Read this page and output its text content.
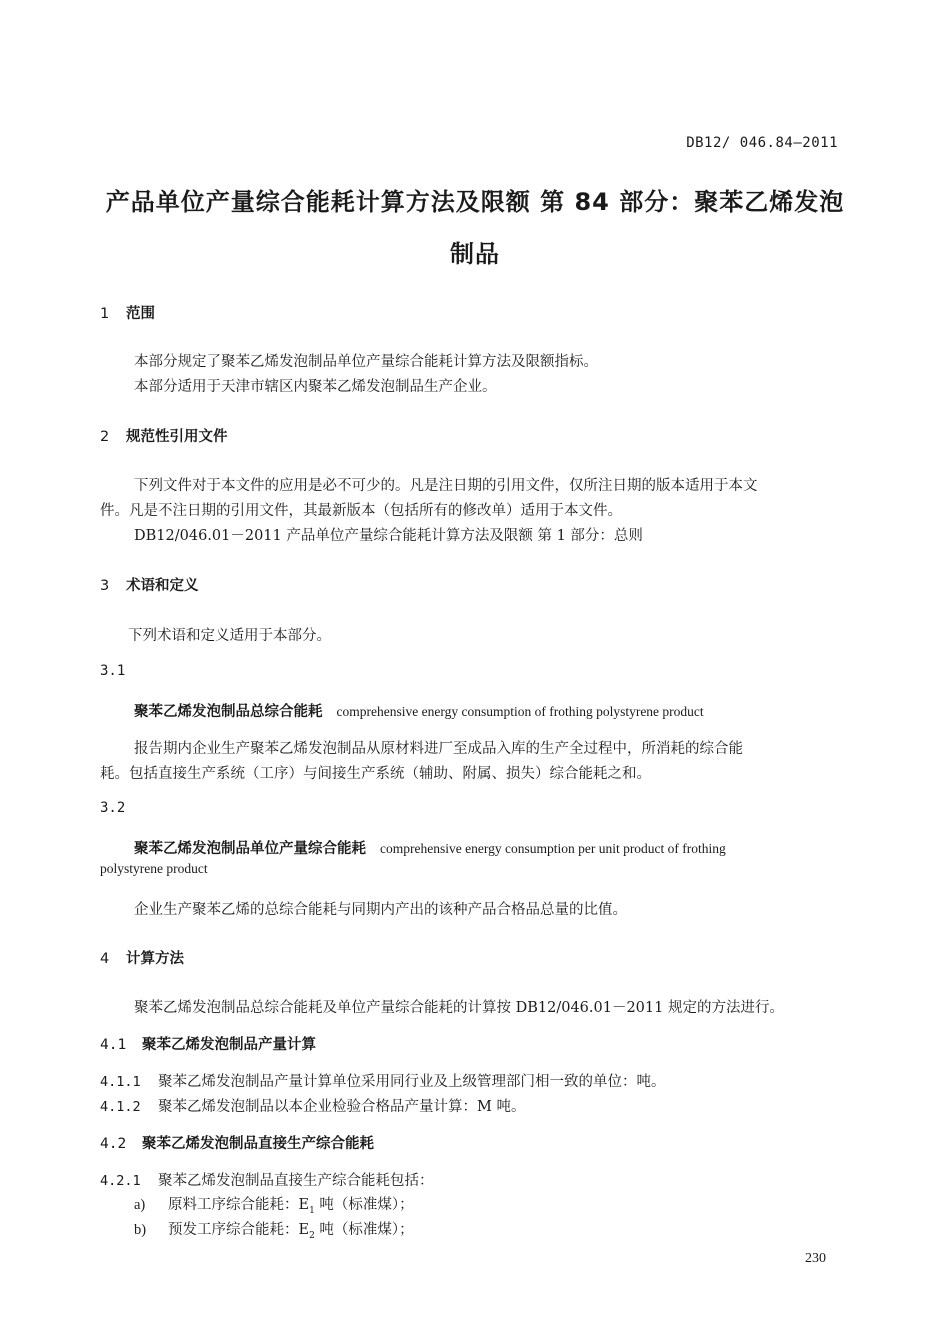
DB12/ 046.84—2011
产品单位产量综合能耗计算方法及限额 第 84 部分：聚苯乙烯发泡
制品
1 范围
本部分规定了聚苯乙烯发泡制品单位产量综合能耗计算方法及限额指标。
本部分适用于天津市辖区内聚苯乙烯发泡制品生产企业。
2 规范性引用文件
下列文件对于本文件的应用是必不可少的。凡是注日期的引用文件，仅所注日期的版本适用于本文
件。凡是不注日期的引用文件，其最新版本（包括所有的修改单）适用于本文件。
DB12/046.01－2011 产品单位产量综合能耗计算方法及限额 第 1 部分：总则
3 术语和定义
下列术语和定义适用于本部分。
3.1
聚苯乙烯发泡制品总综合能耗 comprehensive energy consumption of frothing polystyrene product
报告期内企业生产聚苯乙烯发泡制品从原材料进厂至成品入库的生产全过程中，所消耗的综合能
耗。包括直接生产系统（工序）与间接生产系统（辅助、附属、损失）综合能耗之和。
3.2
聚苯乙烯发泡制品单位产量综合能耗 comprehensive energy consumption per unit product of frothing
polystyrene product
企业生产聚苯乙烯的总综合能耗与同期内产出的该种产品合格品总量的比值。
4 计算方法
聚苯乙烯发泡制品总综合能耗及单位产量综合能耗的计算按 DB12/046.01－2011 规定的方法进行。
4.1 聚苯乙烯发泡制品产量计算
4.1.1 聚苯乙烯发泡制品产量计算单位采用同行业及上级管理部门相一致的单位：吨。
4.1.2 聚苯乙烯发泡制品以本企业检验合格品产量计算：M 吨。
4.2 聚苯乙烯发泡制品直接生产综合能耗
4.2.1 聚苯乙烯发泡制品直接生产综合能耗包括：
a) 原料工序综合能耗：$E_1$ 吨（标准煤）；
b) 预发工序综合能耗：$E_2$ 吨（标准煤）；
230
